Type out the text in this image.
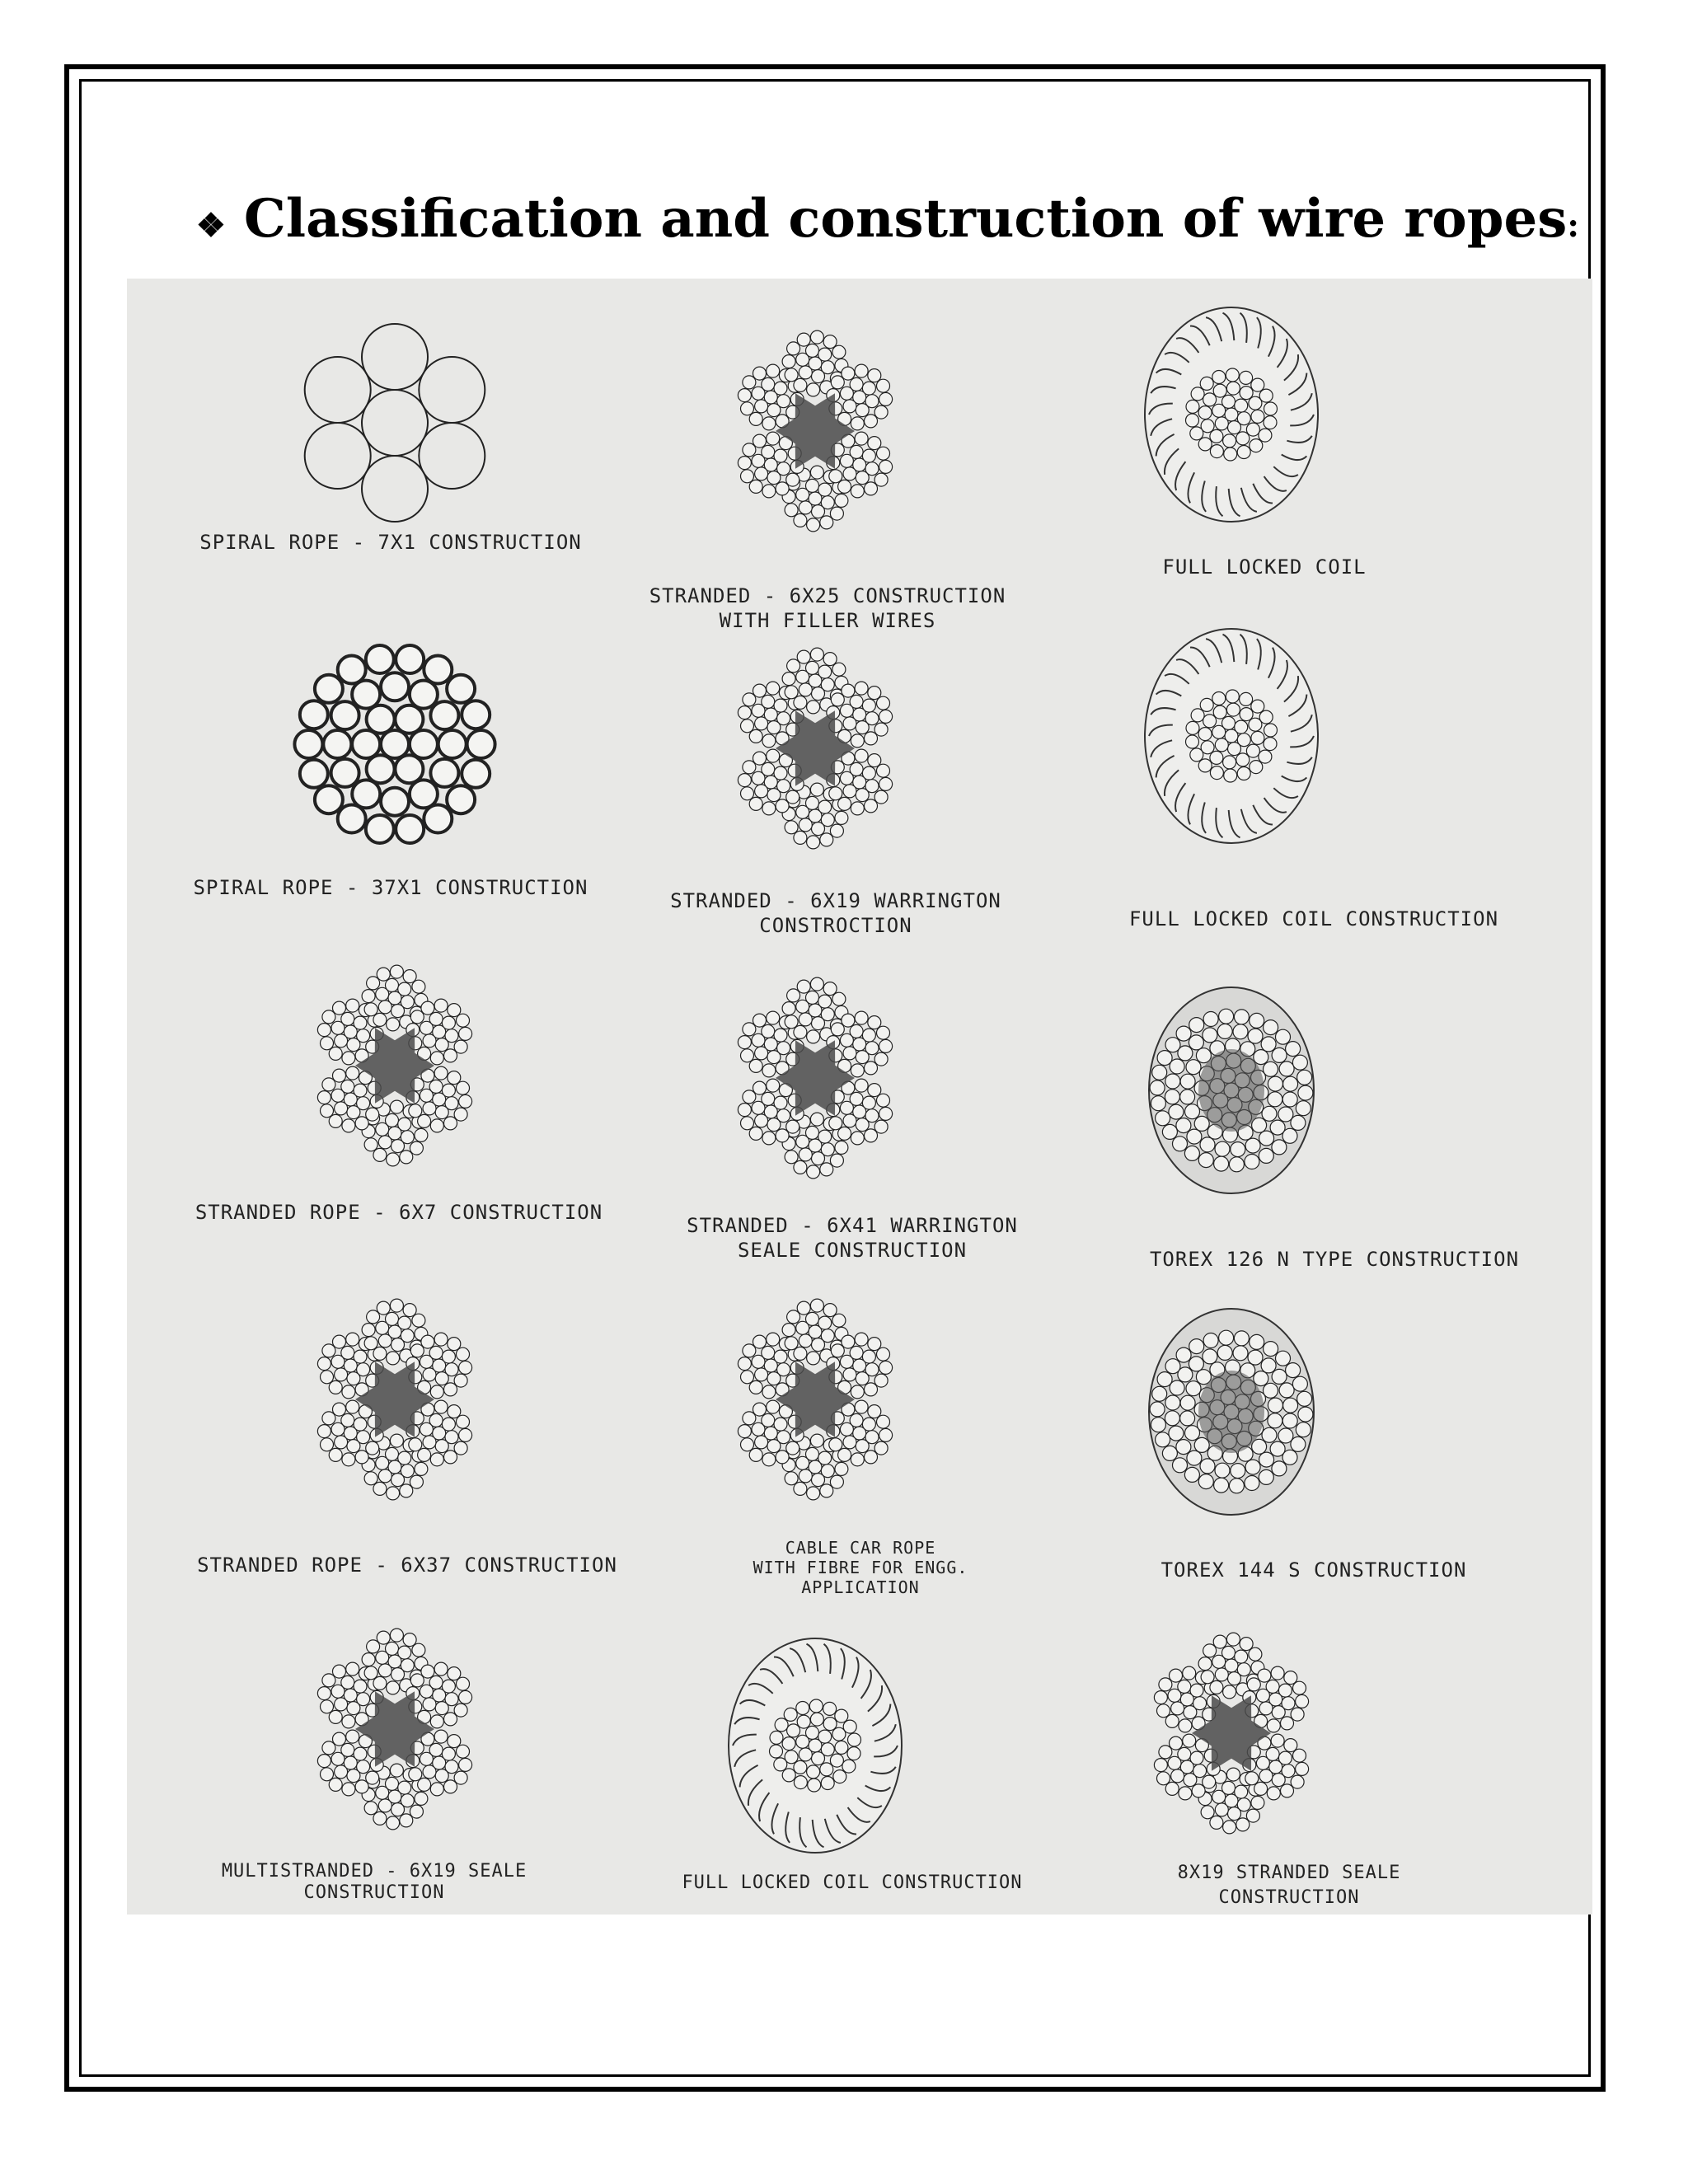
❖ Classification and construction of wire ropes :
SPIRAL ROPE - 7X1 CONSTRUCTION
STRANDED - 6X25 CONSTRUCTION
WITH FILLER WIRES
FULL LOCKED COIL
SPIRAL ROPE - 37X1 CONSTRUCTION
STRANDED - 6X19 WARRINGTON
CONSTROCTION	FULL LOCKED COIL CONSTRUCTION
STRANDED ROPE - 6X7 CONSTRUCTION
STRANDED - 6X41 WARRINGTON
SEALE CONSTRUCTION	TOREX 126 N TYPE CONSTRUCTION
STRANDED ROPE - 6X37 CONSTRUCTION
CABLE CAR ROPE
WITH FIBRE FOR ENGG.
APPLICATION
TOREX 144 S CONSTRUCTION
MULTISTRANDED - 6X19 SEALE
CONSTRUCTION	FULL LOCKED COIL CONSTRUCTION	8X19 STRANDED SEALE
CONSTRUCTION
